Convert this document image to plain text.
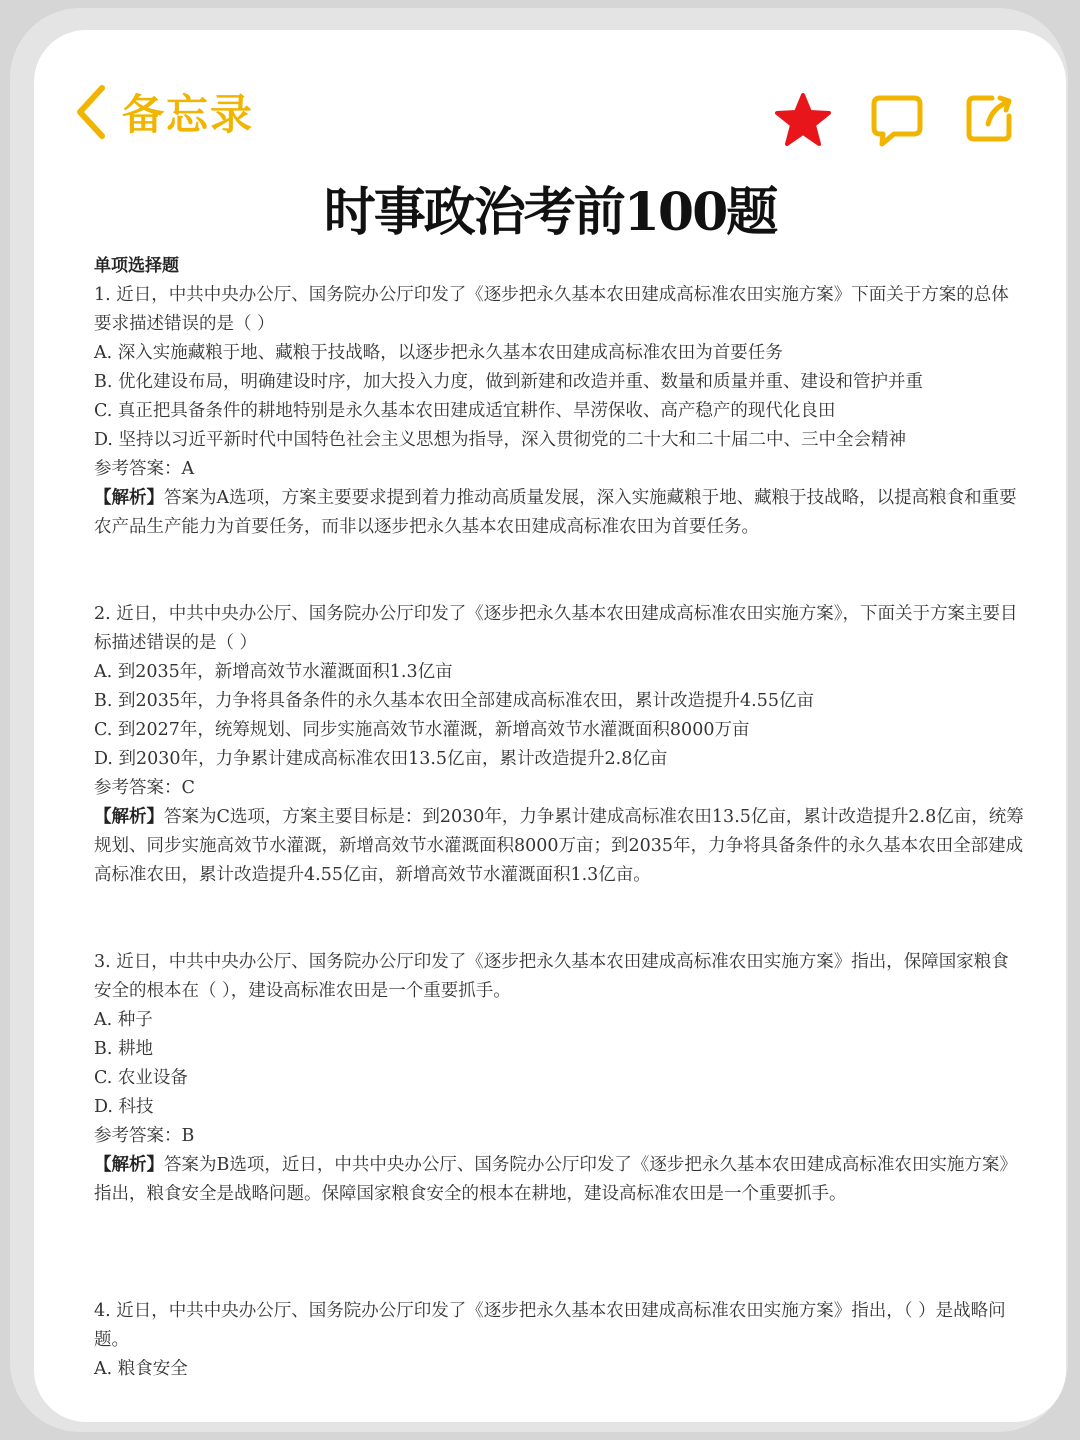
备忘录
时事政治考前100题
单项选择题

1. 近日，中共中央办公厅、国务院办公厅印发了《逐步把永久基本农田建成高标准农田实施方案》下面关于方案的总体要求描述错误的是（ ）

A. 深入实施藏粮于地、藏粮于技战略，以逐步把永久基本农田建成高标准农田为首要任务

B. 优化建设布局，明确建设时序，加大投入力度，做到新建和改造并重、数量和质量并重、建设和管护并重

C. 真正把具备条件的耕地特别是永久基本农田建成适宜耕作、旱涝保收、高产稳产的现代化良田

D. 坚持以习近平新时代中国特色社会主义思想为指导，深入贯彻党的二十大和二十届二中、三中全会精神

参考答案：A

【解析】答案为A选项，方案主要要求提到着力推动高质量发展，深入实施藏粮于地、藏粮于技战略，以提高粮食和重要农产品生产能力为首要任务，而非以逐步把永久基本农田建成高标准农田为首要任务。

2. 近日，中共中央办公厅、国务院办公厅印发了《逐步把永久基本农田建成高标准农田实施方案》，下面关于方案主要目标描述错误的是（ ）

A. 到2035年，新增高效节水灌溉面积1.3亿亩

B. 到2035年，力争将具备条件的永久基本农田全部建成高标准农田，累计改造提升4.55亿亩

C. 到2027年，统筹规划、同步实施高效节水灌溉，新增高效节水灌溉面积8000万亩

D. 到2030年，力争累计建成高标准农田13.5亿亩，累计改造提升2.8亿亩

参考答案：C

【解析】答案为C选项，方案主要目标是：到2030年，力争累计建成高标准农田13.5亿亩，累计改造提升2.8亿亩，统筹规划、同步实施高效节水灌溉，新增高效节水灌溉面积8000万亩；到2035年，力争将具备条件的永久基本农田全部建成高标准农田，累计改造提升4.55亿亩，新增高效节水灌溉面积1.3亿亩。

3. 近日，中共中央办公厅、国务院办公厅印发了《逐步把永久基本农田建成高标准农田实施方案》指出，保障国家粮食安全的根本在（ ），建设高标准农田是一个重要抓手。

A. 种子

B. 耕地

C. 农业设备

D. 科技

参考答案：B

【解析】答案为B选项，近日，中共中央办公厅、国务院办公厅印发了《逐步把永久基本农田建成高标准农田实施方案》指出，粮食安全是战略问题。保障国家粮食安全的根本在耕地，建设高标准农田是一个重要抓手。

4. 近日，中共中央办公厅、国务院办公厅印发了《逐步把永久基本农田建成高标准农田实施方案》指出，（ ）是战略问题。

A. 粮食安全
